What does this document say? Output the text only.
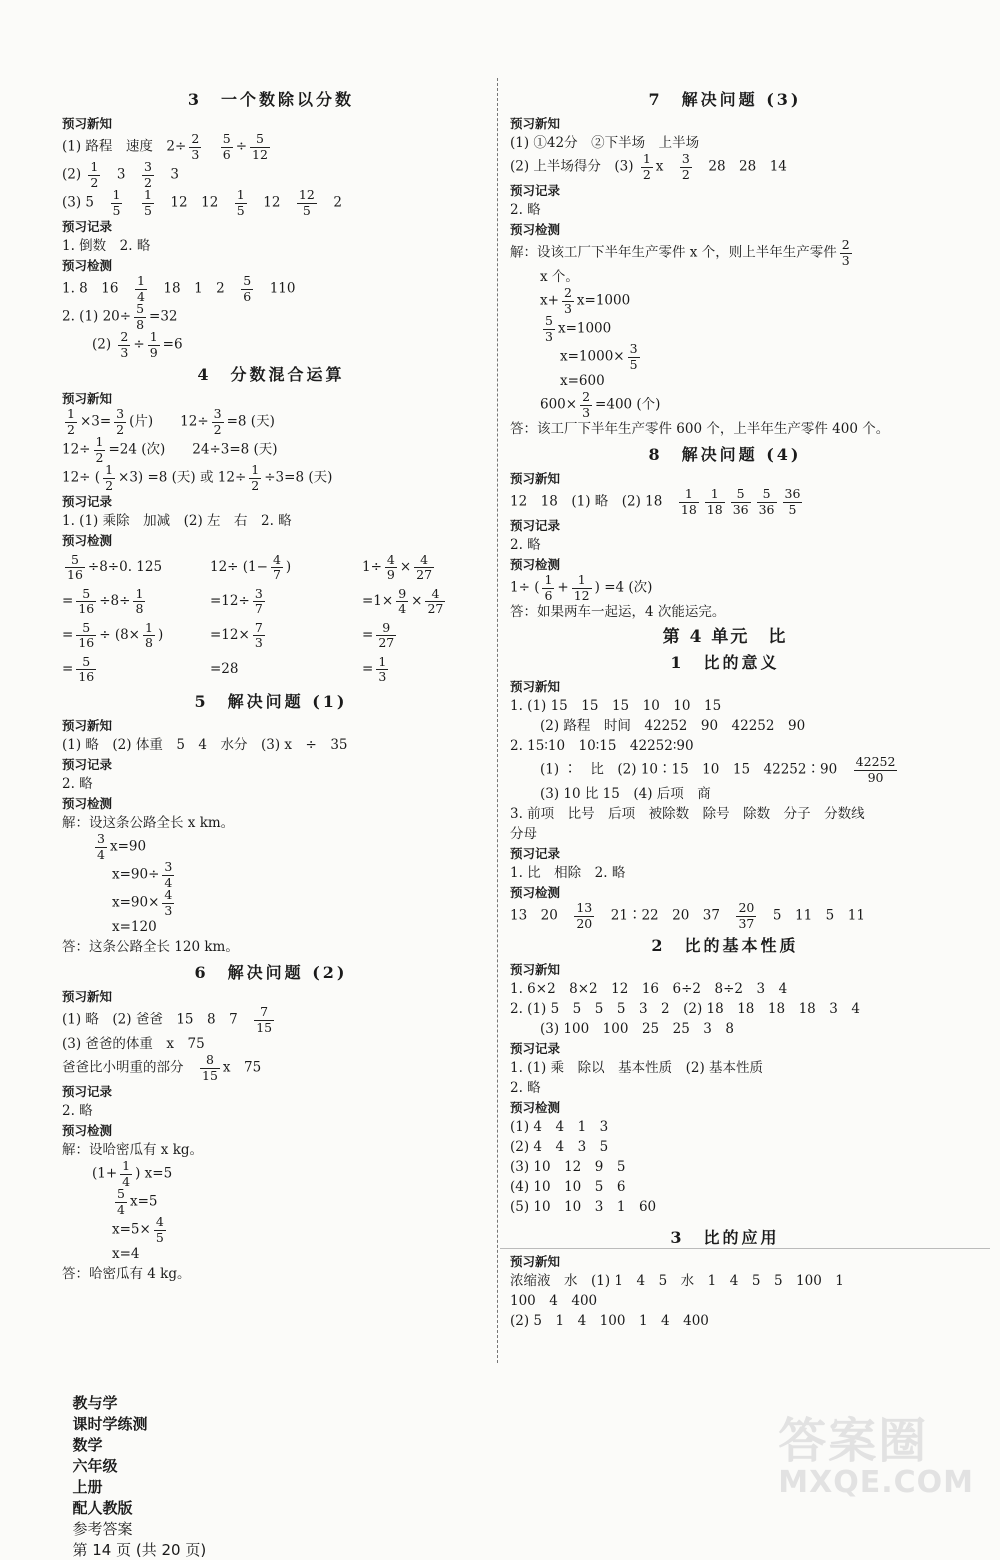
3　一个数除以分数
预习新知
(1) 路程　速度　$2\div \frac{2}{3}$
　 $\frac{5}{6} \div \frac{5}{12}$
$(2) \frac{1}{2}$ 　3　 $\frac{3}{2}$ 　3
(3) 5　 $\frac{1}{5}$
　 $\frac{1}{5}$ 　12　12　 $\frac{1}{5}$ 　12　 $\frac{12}{5}$ 　2
预习记录
1. 倒数　2. 略
预习检测
1. 8　16　 $\frac{1}{4}$ 　18　1　2　 $\frac{5}{6}$ 　110
2. (1) $20\div \frac{5}{8} =32$
$(2) \frac{2}{3} \div \frac{1}{9} =6$
4　分数混合运算
预习新知
$\frac{1}{2} \times 3= \frac{3}{2}$ (片)　　$12\div \frac{3}{2} =8$ (天)
$12\div \frac{1}{2} =24$ (次)　　24÷3=8 (天)
12÷ ( $\frac{1}{2} \times 3) =8$ (天) 或 $12\div \frac{1}{2} \div 3=8$ (天)
预习记录
1. (1) 乘除　加减　(2) 左　右　2. 略
预习检测
$\frac{5}{16} \div 8\div 0$. 125
= $\frac{5}{16} \div 8\div \frac{1}{8}$
= $\frac{5}{16} \div (8\times \frac{1}{8}$ )
= $\frac{5}{16}$
$12\div (1- \frac{4}{7}$ )
$=12\div \frac{3}{7}$
$=12\times \frac{7}{3}$
=28
$1\div \frac{4}{9} \times \frac{4}{27}$
$=1\times \frac{9}{4} \times \frac{4}{27}$
= $\frac{9}{27}$
= $\frac{1}{3}$
5　解决问题 (1)
预习新知
(1) 略　(2) 体重　5　4　水分　(3) x　÷　35
预习记录
2. 略
预习检测
解：设这条公路全长 x km。
$\frac{3}{4} x=90$
$x=90\div \frac{3}{4}$
$x=90\times \frac{4}{3}$
x=120
答：这条公路全长 120 km。
6　解决问题 (2)
预习新知
(1) 略　(2) 爸爸　15　8　7　 $\frac{7}{15}$
(3) 爸爸的体重　x　75
爸爸比小明重的部分　 $\frac{8}{15}$ x　75
预习记录
2. 略
预习检测
解：设哈密瓜有 x kg。
($1+ \frac{1}{4}$ ) x=5
$\frac{5}{4} x=5$
$x=5\times \frac{4}{5}$
x=4
答：哈密瓜有 4 kg。
7　解决问题 (3)
预习新知
(1) ①42分　②下半场　上半场
(2) 上半场得分　$(3) \frac{1}{2}$ x　 $\frac{3}{2}$ 　28　28　14
预习记录
2. 略
预习检测
解：设该工厂下半年生产零件 x 个，则上半年生产零件 $\frac{2}{3}$
x 个。
$x+ \frac{2}{3} x=1000$
$\frac{5}{3} x=1000$
$x=1000\times \frac{3}{5}$
x=600
$600\times \frac{2}{3} =400$ (个)
答：该工厂下半年生产零件 600 个，上半年生产零件 400 个。
8　解决问题 (4)
预习新知
12　18　(1) 略　(2) 18　 $\frac{1}{18} \frac{1}{18} \frac{5}{36} \frac{5}{36} \frac{36}{5}$
预习记录
2. 略
预习检测
1÷ ( $\frac{1}{6} + \frac{1}{12}$ ) =4 (次)
答：如果两车一起运，4 次能运完。
第 4 单元　比
1　比的意义
预习新知
1. (1) 15　15　15　10　10　15
(2) 路程　时间　42252　90　42252　90
2. 15∶10　10∶15　42252∶90
(1) ∶　比　(2) 10∶15　10　15　42252∶90　 $\frac{42252}{90}$
(3) 10 比 15　(4) 后项　商
3. 前项　比号　后项　被除数　除号　除数　分子　分数线
分母
预习记录
1. 比　相除　2. 略
预习检测
13　20　 $\frac{13}{20}$ 　21∶22　20　37　 $\frac{20}{37}$ 　5　11　5　11
2　比的基本性质
预习新知
1. 6×2　8×2　12　16　6÷2　8÷2　3　4
2. (1) 5　5　5　5　3　2　(2) 18　18　18　18　3　4
(3) 100　100　25　25　3　8
预习记录
1. (1) 乘　除以　基本性质　(2) 基本性质
2. 略
预习检测
(1) 4　4　1　3
(2) 4　4　3　5
(3) 10　12　9　5
(4) 10　10　5　6
(5) 10　10　3　1　60
3　比的应用
预习新知
浓缩液　水　(1) 1　4　5　水　1　4　5　5　100　1
100　4　400
(2) 5　1　4　100　1　4　400

教与学
课时学练测
数学
六年级
上册
配人教版
参考答案
第 14 页 (共 20 页)

答案圈
MXQE.COM
